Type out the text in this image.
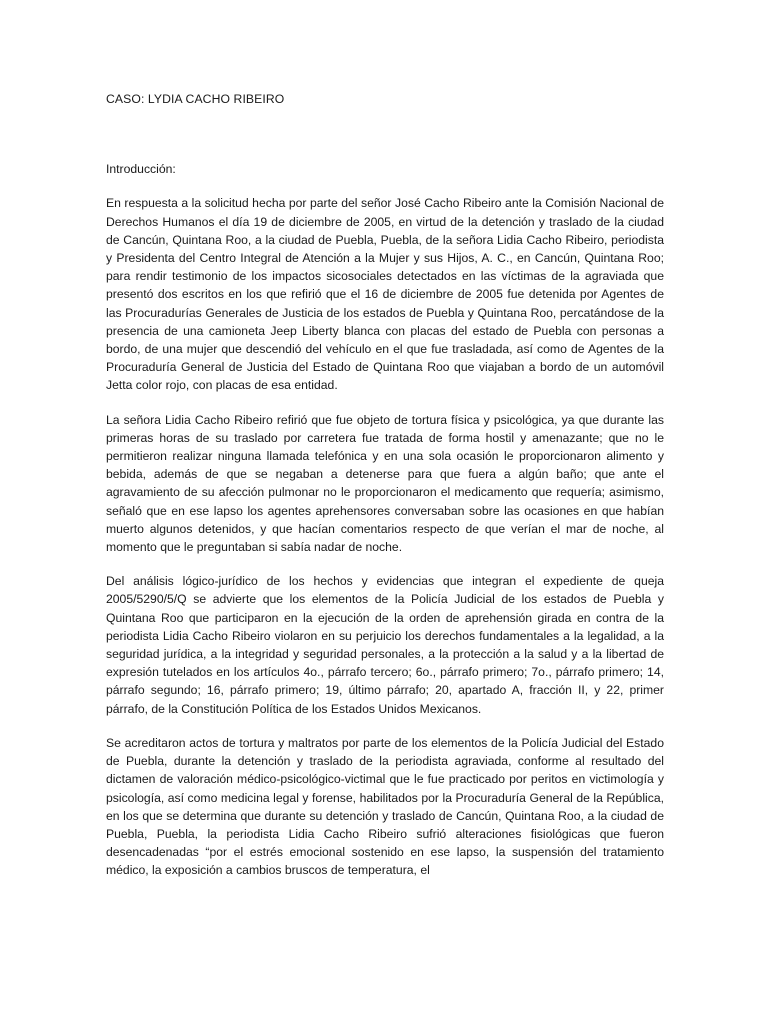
CASO: LYDIA CACHO RIBEIRO

Introducción:

En respuesta a la solicitud hecha por parte del señor José Cacho Ribeiro ante la Comisión Nacional de Derechos Humanos el día 19 de diciembre de 2005, en virtud de la detención y traslado de la ciudad de Cancún, Quintana Roo, a la ciudad de Puebla, Puebla, de la señora Lidia Cacho Ribeiro, periodista y Presidenta del Centro Integral de Atención a la Mujer y sus Hijos, A. C., en Cancún, Quintana Roo; para rendir testimonio de los impactos sicosociales detectados en las víctimas de la agraviada que presentó dos escritos en los que refirió que el 16 de diciembre de 2005 fue detenida por Agentes de las Procuradurías Generales de Justicia de los estados de Puebla y Quintana Roo, percatándose de la presencia de una camioneta Jeep Liberty blanca con placas del estado de Puebla con personas a bordo, de una mujer que descendió del vehículo en el que fue trasladada, así como de Agentes de la Procuraduría General de Justicia del Estado de Quintana Roo que viajaban a bordo de un automóvil Jetta color rojo, con placas de esa entidad.

La señora Lidia Cacho Ribeiro refirió que fue objeto de tortura física y psicológica, ya que durante las primeras horas de su traslado por carretera fue tratada de forma hostil y amenazante; que no le permitieron realizar ninguna llamada telefónica y en una sola ocasión le proporcionaron alimento y bebida, además de que se negaban a detenerse para que fuera a algún baño; que ante el agravamiento de su afección pulmonar no le proporcionaron el medicamento que requería; asimismo, señaló que en ese lapso los agentes aprehensores conversaban sobre las ocasiones en que habían muerto algunos detenidos, y que hacían comentarios respecto de que verían el mar de noche, al momento que le preguntaban si sabía nadar de noche.

Del análisis lógico-jurídico de los hechos y evidencias que integran el expediente de queja 2005/5290/5/Q se advierte que los elementos de la Policía Judicial de los estados de Puebla y Quintana Roo que participaron en la ejecución de la orden de aprehensión girada en contra de la periodista Lidia Cacho Ribeiro violaron en su perjuicio los derechos fundamentales a la legalidad, a la seguridad jurídica, a la integridad y seguridad personales, a la protección a la salud y a la libertad de expresión tutelados en los artículos 4o., párrafo tercero; 6o., párrafo primero; 7o., párrafo primero; 14, párrafo segundo; 16, párrafo primero; 19, último párrafo; 20, apartado A, fracción II, y 22, primer párrafo, de la Constitución Política de los Estados Unidos Mexicanos.

Se acreditaron actos de tortura y maltratos por parte de los elementos de la Policía Judicial del Estado de Puebla, durante la detención y traslado de la periodista agraviada, conforme al resultado del dictamen de valoración médico-psicológico-victimal que le fue practicado por peritos en victimología y psicología, así como medicina legal y forense, habilitados por la Procuraduría General de la República, en los que se determina que durante su detención y traslado de Cancún, Quintana Roo, a la ciudad de Puebla, Puebla, la periodista Lidia Cacho Ribeiro sufrió alteraciones fisiológicas que fueron desencadenadas “por el estrés emocional sostenido en ese lapso, la suspensión del tratamiento médico, la exposición a cambios bruscos de temperatura, el
